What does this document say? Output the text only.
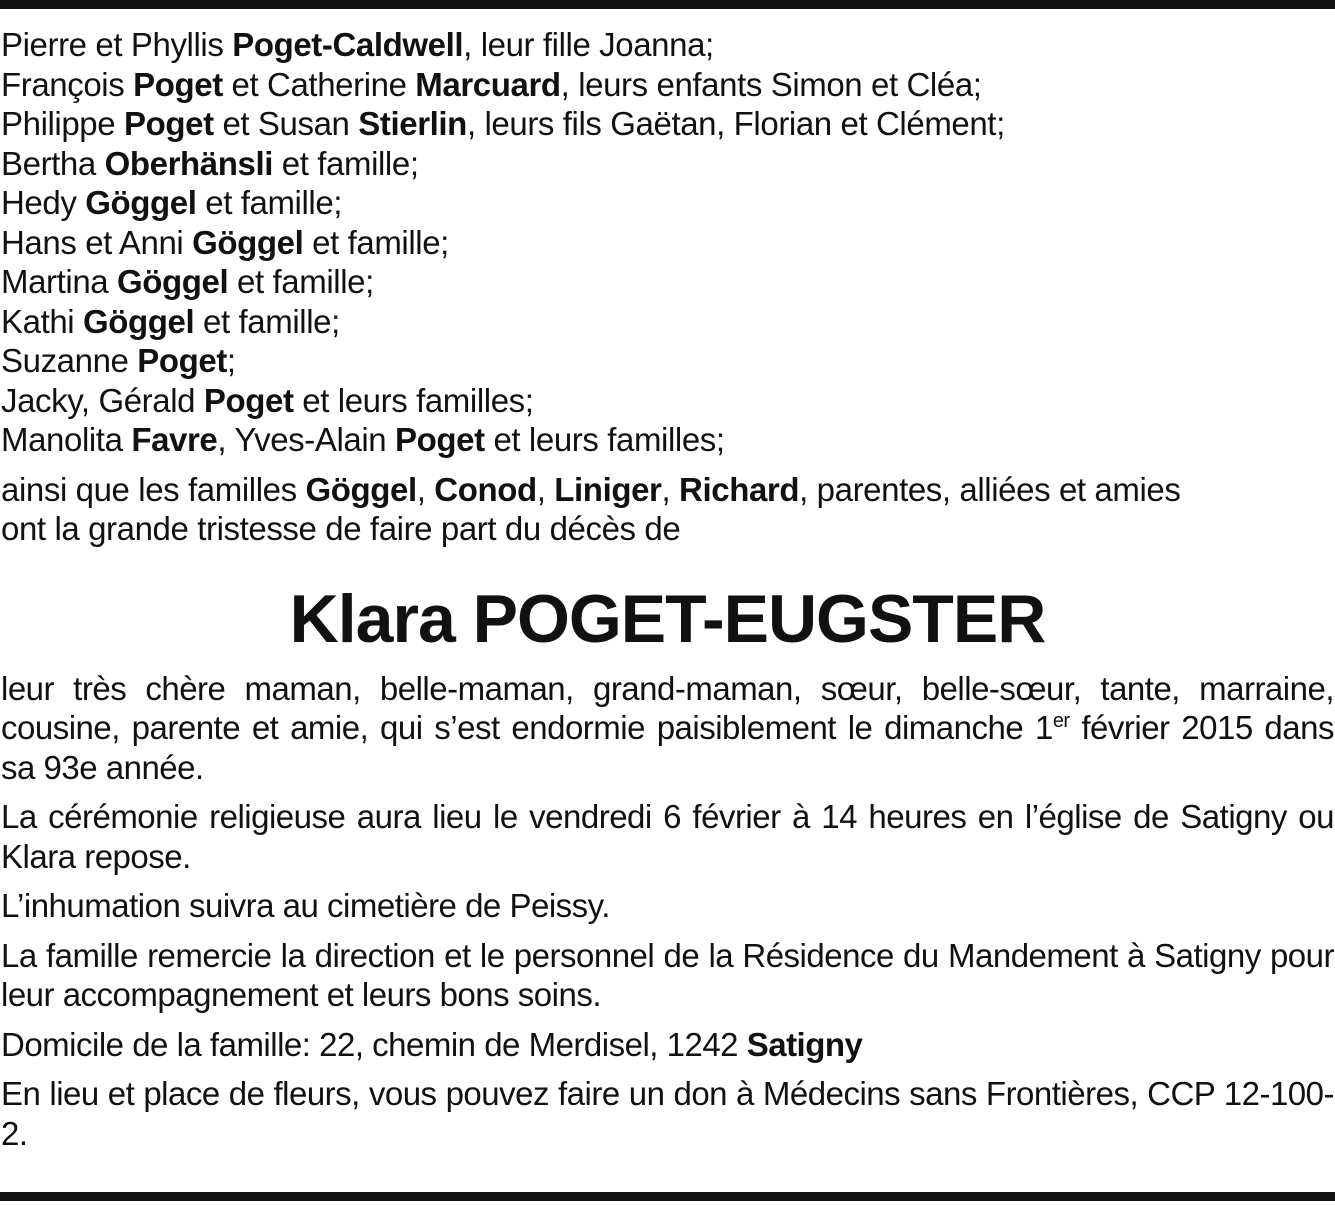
Pierre et Phyllis Poget-Caldwell, leur fille Joanna;
François Poget et Catherine Marcuard, leurs enfants Simon et Cléa;
Philippe Poget et Susan Stierlin, leurs fils Gaëtan, Florian et Clément;
Bertha Oberhänsli et famille;
Hedy Göggel et famille;
Hans et Anni Göggel et famille;
Martina Göggel et famille;
Kathi Göggel et famille;
Suzanne Poget;
Jacky, Gérald Poget et leurs familles;
Manolita Favre, Yves-Alain Poget et leurs familles;
ainsi que les familles Göggel, Conod, Liniger, Richard, parentes, alliées et amies
ont la grande tristesse de faire part du décès de
Klara POGET-EUGSTER
leur très chère maman, belle-maman, grand-maman, sœur, belle-sœur, tante, marraine, cousine, parente et amie, qui s’est endormie paisiblement le dimanche 1er février 2015 dans sa 93e année.
La cérémonie religieuse aura lieu le vendredi 6 février à 14 heures en l’église de Satigny ou Klara repose.
L’inhumation suivra au cimetière de Peissy.
La famille remercie la direction et le personnel de la Résidence du Mandement à Satigny pour leur accompagnement et leurs bons soins.
Domicile de la famille: 22, chemin de Merdisel, 1242 Satigny
En lieu et place de fleurs, vous pouvez faire un don à Médecins sans Frontières, CCP 12-100-2.
